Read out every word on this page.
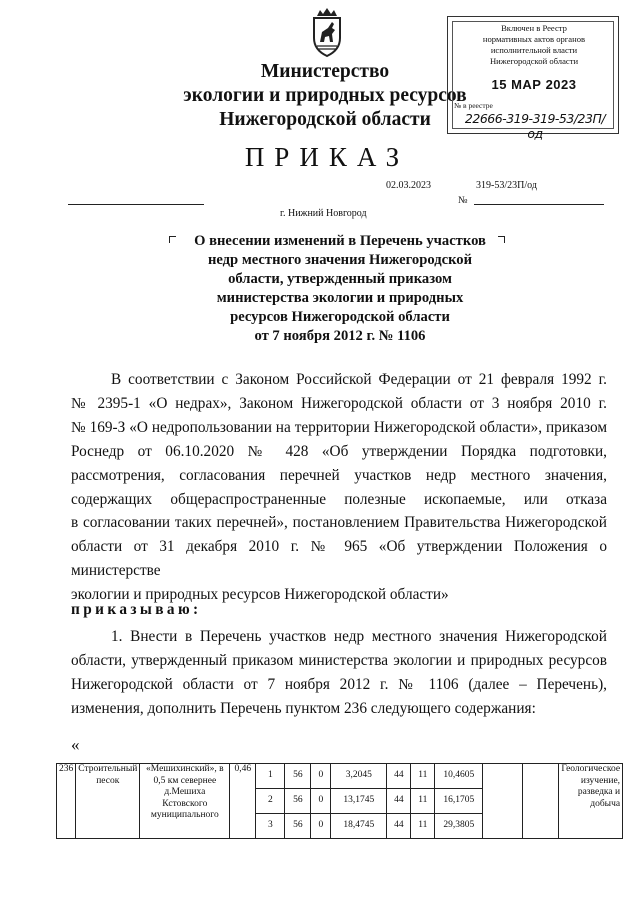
Министерство
экологии и природных ресурсов
Нижегородской области
Включен в Реестр
нормативных актов органов
исполнительной власти
Нижегородской области
15 МАР 2023
№ в реестре
22666-319-319-53/23П/од
ПРИКАЗ
02.03.2023	319-53/23П/од
№
г. Нижний Новгород
О внесении изменений в Перечень участков
недр местного значения Нижегородской
области, утвержденный приказом
министерства экологии и природных
ресурсов Нижегородской области
от 7 ноября 2012 г. № 1106
В соответствии с Законом Российской Федерации от 21 февраля 1992 г.
№ 2395-1 «О недрах», Законом Нижегородской области от 3 ноября 2010 г.
№ 169-З «О недропользовании на территории Нижегородской области», приказом
Роснедр от 06.10.2020 № 428 «Об утверждении Порядка подготовки,
рассмотрения, согласования перечней участков недр местного значения,
содержащих общераспространенные полезные ископаемые, или отказа
в согласовании таких перечней», постановлением Правительства Нижегородской
области от 31 декабря 2010 г. № 965 «Об утверждении Положения о министерстве
экологии и природных ресурсов Нижегородской области»
приказываю:
1. Внести в Перечень участков недр местного значения Нижегородской
области, утвержденный приказом министерства экологии и природных ресурсов
Нижегородской области от 7 ноября 2012 г. № 1106 (далее – Перечень),
изменения, дополнить Перечень пунктом 236 следующего содержания:
«
236	Строительный песок	«Мешихинский», в 0,5 км севернее д.Мешиха Кстовского муниципального	0,46	1	56	0	3,2045	44	11	10,4605			Геологическое изучение, разведка и добыча
				2	56	0	13,1745	44	11	16,1705			
				3	56	0	18,4745	44	11	29,3805			
